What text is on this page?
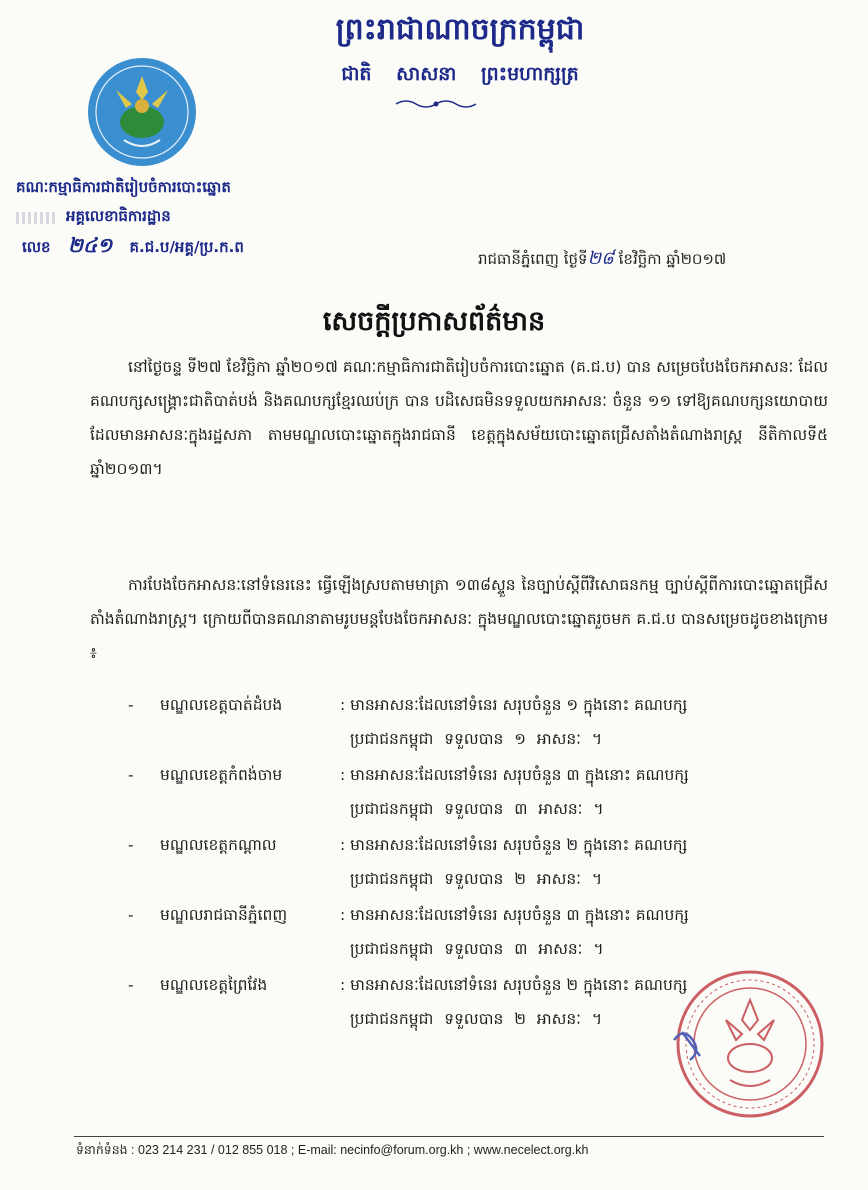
ព្រះរាជាណាចក្រកម្ពុជា
ជាតិ សាសនា ព្រះមហាក្សត្រ
គណៈកម្មាធិការជាតិរៀបចំការបោះឆ្នោត
អគ្គលេខាធិការដ្ឋាន
លេខ ២៤១ គ.ជ.ប/អគ្គ/ប្រ.ក.ព
រាជធានីភ្នំពេញ ថ្ងៃទី២៨ ខែវិច្ឆិកា ឆ្នាំ២០១៧
សេចក្តីប្រកាសព័ត៌មាន
នៅថ្ងៃចន្ទ ទី២៧ ខែវិច្ឆិកា ឆ្នាំ២០១៧ គណៈកម្មាធិការជាតិរៀបចំការបោះឆ្នោត (គ.ជ.ប) បាន សម្រេចបែងចែកអាសនៈ ដែលគណបក្សសង្គ្រោះជាតិបាត់បង់ និងគណបក្សខ្មែរឈប់ក្រ បាន បដិសេធមិនទទួលយកអាសនៈ ចំនួន ១១ ទៅឱ្យគណបក្សនយោបាយដែលមានអាសនៈក្នុងរដ្ឋសភា តាមមណ្ឌលបោះឆ្នោតក្នុងរាជធានី ខេត្តក្នុងសម័យបោះឆ្នោតជ្រើសតាំងតំណាងរាស្ត្រ នីតិកាលទី៥ ឆ្នាំ២០១៣។
ការបែងចែកអាសនៈនៅទំនេរនេះ ធ្វើឡើងស្របតាមមាត្រា ១៣៨ស្ទួន នៃច្បាប់ស្តីពីវិសោធនកម្ម ច្បាប់ស្តីពីការបោះឆ្នោតជ្រើសតាំងតំណាងរាស្ត្រ។ ក្រោយពីបានគណនាតាមរូបមន្តបែងចែកអាសនៈ ក្នុងមណ្ឌលបោះឆ្នោតរួចមក គ.ជ.ប បានសម្រេចដូចខាងក្រោម ៖
- មណ្ឌលខេត្តបាត់ដំបង	: មានអាសនៈដែលនៅទំនេរ សរុបចំនួន ១ ក្នុងនោះ គណបក្ស
ប្រជាជនកម្ពុជា ទទួលបាន ១ អាសនៈ ។
- មណ្ឌលខេត្តកំពង់ចាម	: មានអាសនៈដែលនៅទំនេរ សរុបចំនួន ៣ ក្នុងនោះ គណបក្ស
ប្រជាជនកម្ពុជា ទទួលបាន ៣ អាសនៈ ។
- មណ្ឌលខេត្តកណ្តាល	: មានអាសនៈដែលនៅទំនេរ សរុបចំនួន ២ ក្នុងនោះ គណបក្ស
ប្រជាជនកម្ពុជា ទទួលបាន ២ អាសនៈ ។
- មណ្ឌលរាជធានីភ្នំពេញ	: មានអាសនៈដែលនៅទំនេរ សរុបចំនួន ៣ ក្នុងនោះ គណបក្ស
ប្រជាជនកម្ពុជា ទទួលបាន ៣ អាសនៈ ។
- មណ្ឌលខេត្តព្រៃវែង	: មានអាសនៈដែលនៅទំនេរ សរុបចំនួន ២ ក្នុងនោះ គណបក្ស
ប្រជាជនកម្ពុជា ទទួលបាន ២ អាសនៈ ។
ទំនាក់ទំនង : 023 214 231 / 012 855 018 ; E-mail: necinfo@forum.org.kh ; www.necelect.org.kh
